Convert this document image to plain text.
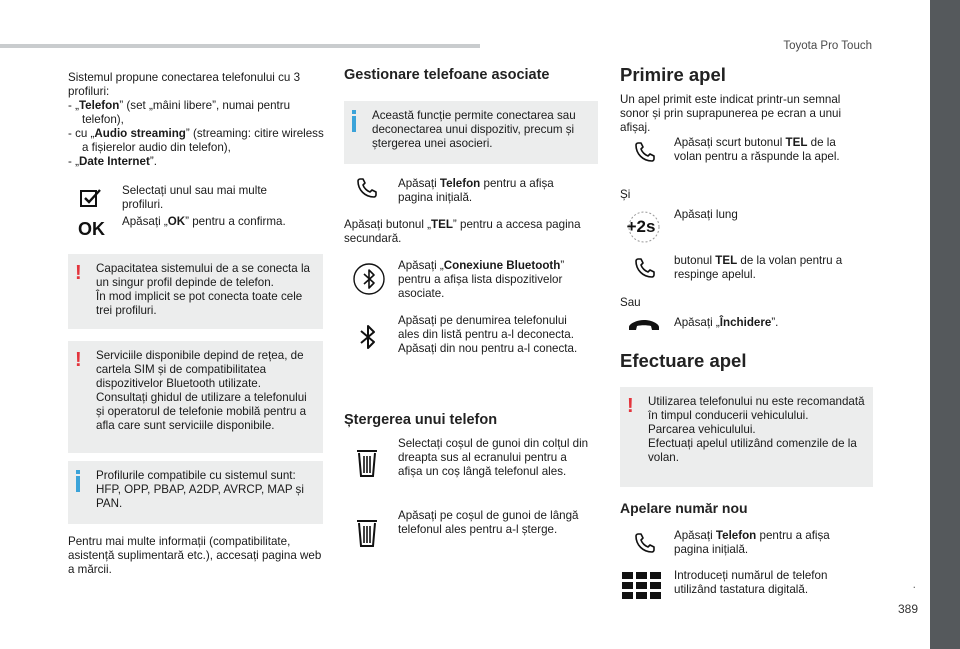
Toyota Pro Touch
.
389
Sistemul propune conectarea telefonului cu 3 profiluri:
- „Telefon” (set „mâini libere”, numai pentru telefon),
- cu „Audio streaming” (streaming: citire wireless a fișierelor audio din telefon),
- „Date Internet”.
Selectați unul sau mai multe profiluri.
OK Apăsați „OK” pentru a confirma.
! Capacitatea sistemului de a se conecta la un singur profil depinde de telefon.
În mod implicit se pot conecta toate cele trei profiluri.
! Serviciile disponibile depind de rețea, de cartela SIM și de compatibilitatea dispozitivelor Bluetooth utilizate. Consultați ghidul de utilizare a telefonului și operatorul de telefonie mobilă pentru a afla care sunt serviciile disponibile.
Profilurile compatibile cu sistemul sunt: HFP, OPP, PBAP, A2DP, AVRCP, MAP și PAN.
Pentru mai multe informații (compatibilitate, asistență suplimentară etc.), accesați pagina web a mărcii.
Gestionare telefoane asociate
Această funcție permite conectarea sau deconectarea unui dispozitiv, precum și ștergerea unei asocieri.
Apăsați Telefon pentru a afișa pagina inițială.
Apăsați butonul „TEL” pentru a accesa pagina secundară.
Apăsați „Conexiune Bluetooth” pentru a afișa lista dispozitivelor asociate.
Apăsați pe denumirea telefonului ales din listă pentru a-l deconecta. Apăsați din nou pentru a-l conecta.
Ștergerea unui telefon
Selectați coșul de gunoi din colțul din dreapta sus al ecranului pentru a afișa un coș lângă telefonul ales.
Apăsați pe coșul de gunoi de lângă telefonul ales pentru a-l șterge.
Primire apel
Un apel primit este indicat printr-un semnal sonor și prin suprapunerea pe ecran a unui afișaj.
Apăsați scurt butonul TEL de la volan pentru a răspunde la apel.
Și
+2s
Apăsați lung
butonul TEL de la volan pentru a respinge apelul.
Sau
Apăsați „Închidere”.
Efectuare apel
! Utilizarea telefonului nu este recomandată în timpul conducerii vehiculului.
Parcarea vehiculului.
Efectuați apelul utilizând comenzile de la volan.
Apelare număr nou
Apăsați Telefon pentru a afișa pagina inițială.
Introduceți numărul de telefon utilizând tastatura digitală.
